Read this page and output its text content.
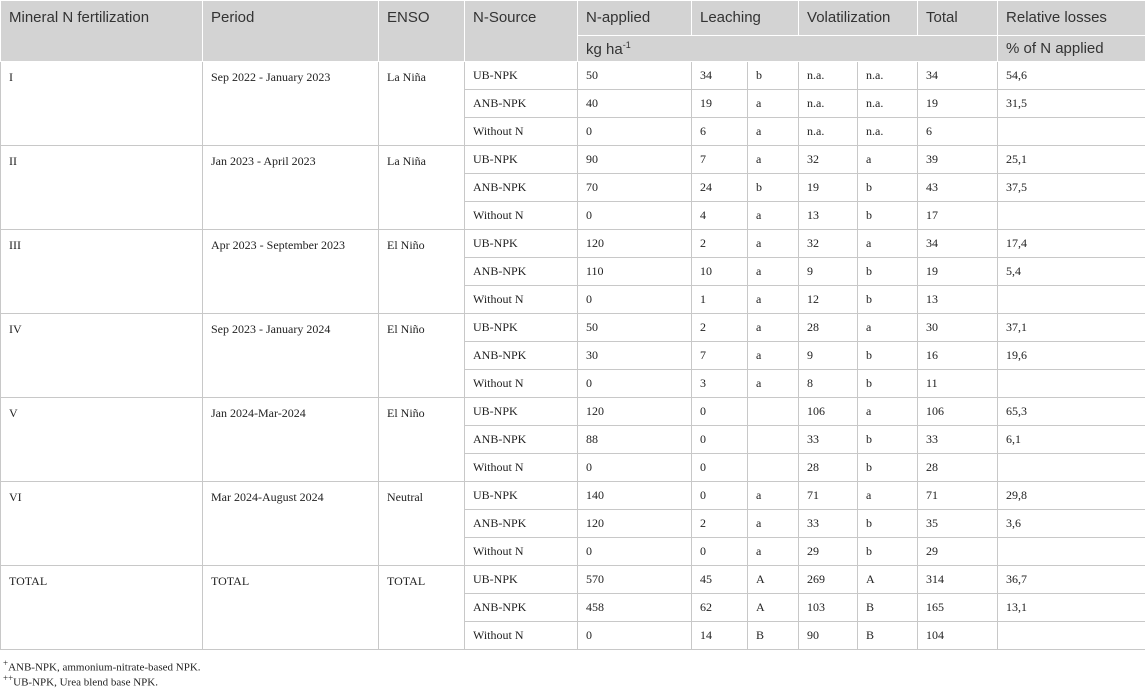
Mineral N fertilization	Period	ENSO	N-Source	N-applied	Leaching		Volatilization		Total	Relative losses
				kg $ha^{-1}$						% of N applied
I	Sep 2022 - January 2023	La Niña	UB-NPK	50	34	b	n.a.	n.a.	34	54,6
			ANB-NPK	40	19	a	n.a.	n.a.	19	31,5
			Without N	0	6	a	n.a.	n.a.	6	
II	Jan 2023 - April 2023	La Niña	UB-NPK	90	7	a	32	a	39	25,1
			ANB-NPK	70	24	b	19	b	43	37,5
			Without N	0	4	a	13	b	17	
III	Apr 2023 - September 2023	El Niño	UB-NPK	120	2	a	32	a	34	17,4
			ANB-NPK	110	10	a	9	b	19	5,4
			Without N	0	1	a	12	b	13	
IV	Sep 2023 - January 2024	El Niño	UB-NPK	50	2	a	28	a	30	37,1
			ANB-NPK	30	7	a	9	b	16	19,6
			Without N	0	3	a	8	b	11	
V	Jan 2024-Mar-2024	El Niño	UB-NPK	120	0		106	a	106	65,3
			ANB-NPK	88	0		33	b	33	6,1
			Without N	0	0		28	b	28	
VI	Mar 2024-August 2024	Neutral	UB-NPK	140	0	a	71	a	71	29,8
			ANB-NPK	120	2	a	33	b	35	3,6
			Without N	0	0	a	29	b	29	
TOTAL	TOTAL	TOTAL	UB-NPK	570	45	A	269	A	314	36,7
			ANB-NPK	458	62	A	103	B	165	13,1
			Without N	0	14	B	90	B	104	
+ANB-NPK, ammonium-nitrate-based NPK.
++UB-NPK, Urea blend base NPK.
